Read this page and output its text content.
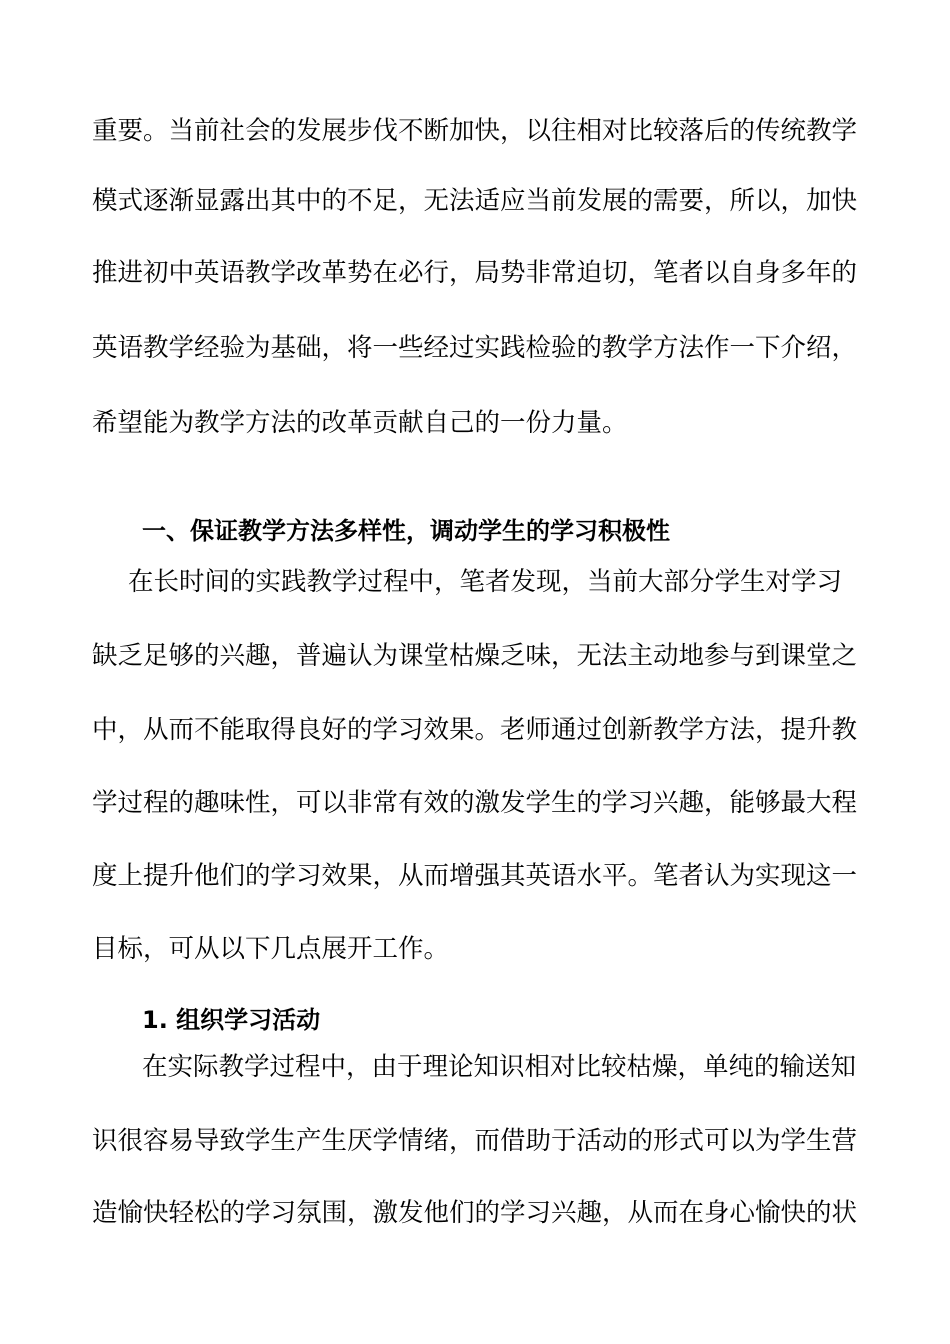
重要。当前社会的发展步伐不断加快，以往相对比较落后的传统教学
模式逐渐显露出其中的不足，无法适应当前发展的需要，所以，加快
推进初中英语教学改革势在必行，局势非常迫切，笔者以自身多年的
英语教学经验为基础，将一些经过实践检验的教学方法作一下介绍，
希望能为教学方法的改革贡献自己的一份力量。
一、保证教学方法多样性，调动学生的学习积极性
在长时间的实践教学过程中，笔者发现，当前大部分学生对学习
缺乏足够的兴趣，普遍认为课堂枯燥乏味，无法主动地参与到课堂之
中，从而不能取得良好的学习效果。老师通过创新教学方法，提升教
学过程的趣味性，可以非常有效的激发学生的学习兴趣，能够最大程
度上提升他们的学习效果，从而增强其英语水平。笔者认为实现这一
目标，可从以下几点展开工作。
1. 组织学习活动
在实际教学过程中，由于理论知识相对比较枯燥，单纯的输送知
识很容易导致学生产生厌学情绪，而借助于活动的形式可以为学生营
造愉快轻松的学习氛围，激发他们的学习兴趣，从而在身心愉快的状
